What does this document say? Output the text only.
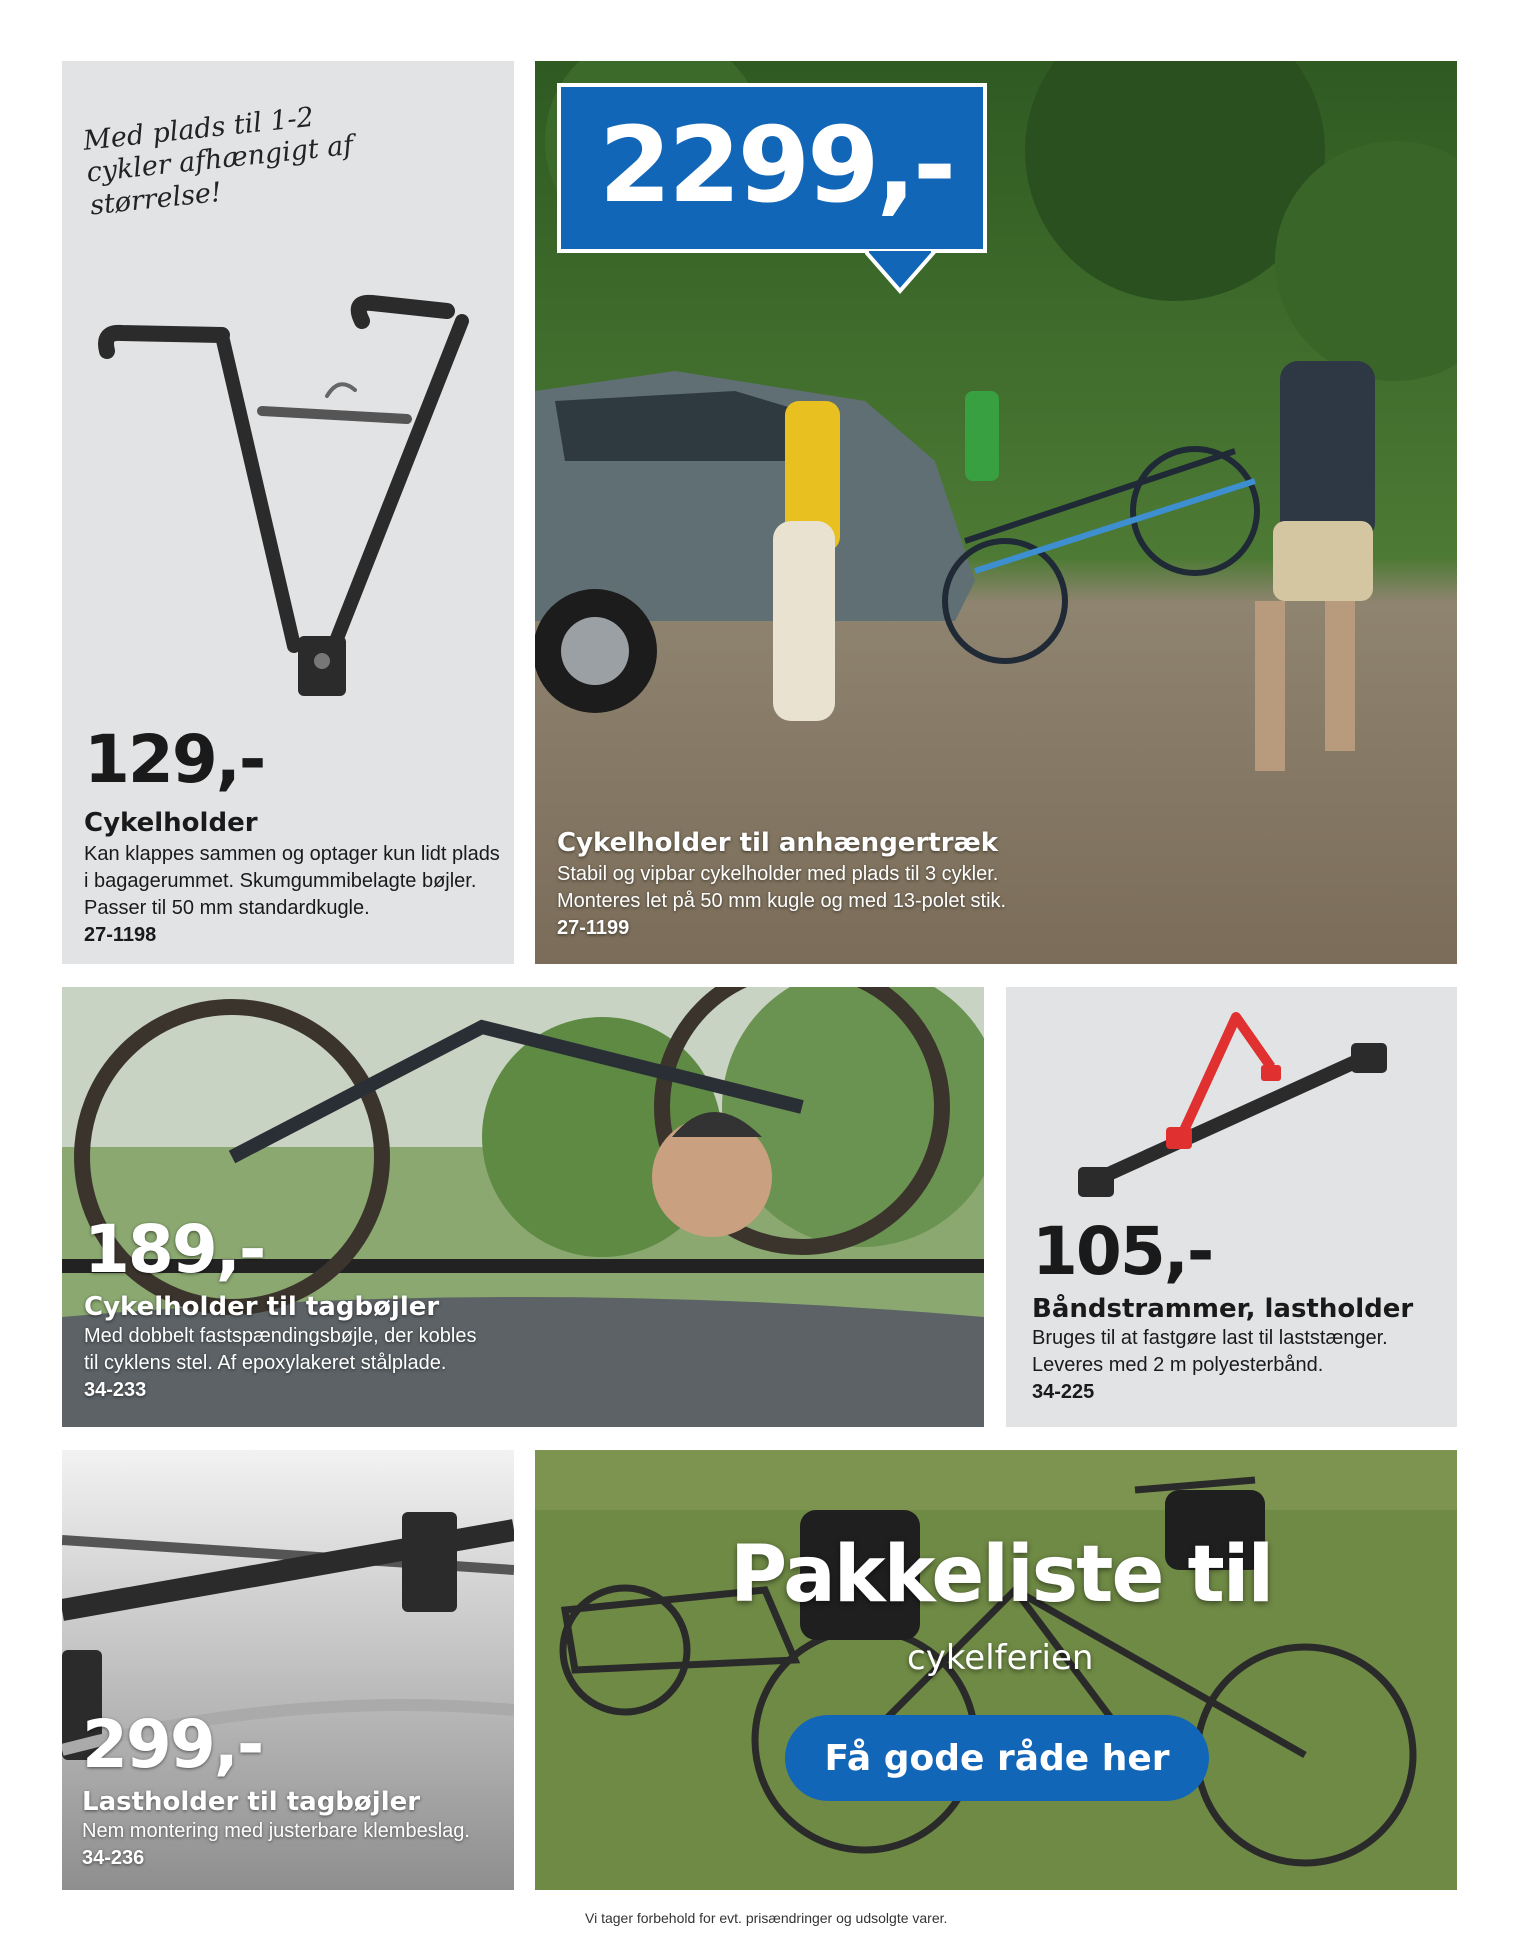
Med plads til 1-2 cykler afhængigt af størrelse!
129,-
Cykelholder
Kan klappes sammen og optager kun lidt plads i bagagerummet. Skumgummibelagte bøjler. Passer til 50 mm standardkugle.
27-1198
2299,-
Cykelholder til anhængertræk
Stabil og vipbar cykelholder med plads til 3 cykler. Monteres let på 50 mm kugle og med 13-polet stik.
27-1199
189,-
Cykelholder til tagbøjler
Med dobbelt fastspændingsbøjle, der kobles til cyklens stel. Af epoxylakeret stålplade.
34-233
105,-
Båndstrammer, lastholder
Bruges til at fastgøre last til laststænger. Leveres med 2 m polyesterbånd.
34-225
299,-
Lastholder til tagbøjler
Nem montering med justerbare klembeslag.
34-236
Pakkeliste til
cykelferien
Få gode råde her
Vi tager forbehold for evt. prisændringer og udsolgte varer.
